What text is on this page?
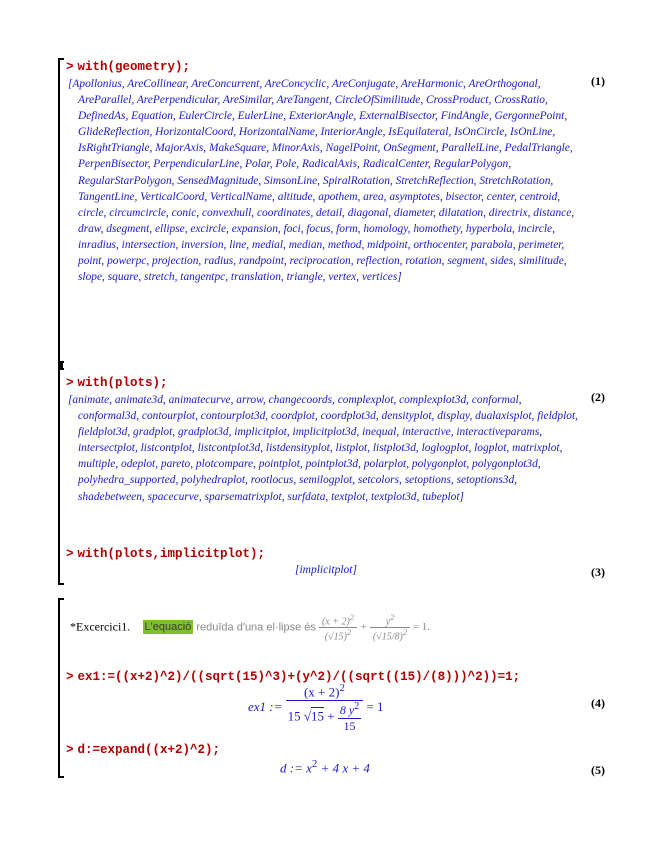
> with(geometry);
[Apollonius, AreCollinear, AreConcurrent, AreConcyclic, AreConjugate, AreHarmonic, AreOrthogonal, AreParallel, ArePerpendicular, AreSimilar, AreTangent, CircleOfSimilitude, CrossProduct, CrossRatio, DefinedAs, Equation, EulerCircle, EulerLine, ExteriorAngle, ExternalBisector, FindAngle, GergonnePoint, GlideReflection, HorizontalCoord, HorizontalName, InteriorAngle, IsEquilateral, IsOnCircle, IsOnLine, IsRightTriangle, MajorAxis, MakeSquare, MinorAxis, NagelPoint, OnSegment, ParallelLine, PedalTriangle, PerpenBisector, PerpendicularLine, Polar, Pole, RadicalAxis, RadicalCenter, RegularPolygon, RegularStarPolygon, SensedMagnitude, SimsonLine, SpiralRotation, StretchReflection, StretchRotation, TangentLine, VerticalCoord, VerticalName, altitude, apothem, area, asymptotes, bisector, center, centroid, circle, circumcircle, conic, convexhull, coordinates, detail, diagonal, diameter, dilatation, directrix, distance, draw, dsegment, ellipse, excircle, expansion, foci, focus, form, homology, homothety, hyperbola, incircle, inradius, intersection, inversion, line, medial, median, method, midpoint, orthocenter, parabola, perimeter, point, powerpc, projection, radius, randpoint, reciprocation, reflection, rotation, segment, sides, similitude, slope, square, stretch, tangentpc, translation, triangle, vertex, vertices]
(1)
> with(plots);
[animate, animate3d, animatecurve, arrow, changecoords, complexplot, complexplot3d, conformal, conformal3d, contourplot, contourplot3d, coordplot, coordplot3d, densityplot, display, dualaxisplot, fieldplot, fieldplot3d, gradplot, gradplot3d, implicitplot, implicitplot3d, inequal, interactive, interactiveparams, intersectplot, listcontplot, listcontplot3d, listdensityplot, listplot, listplot3d, loglogplot, logplot, matrixplot, multiple, odeplot, pareto, plotcompare, pointplot, pointplot3d, polarplot, polygonplot, polygonplot3d, polyhedra_supported, polyhedraplot, rootlocus, semilogplot, setcolors, setoptions, setoptions3d, shadebetween, spacecurve, sparsematrixplot, surfdata, textplot, textplot3d, tubeplot]
(2)
> with(plots,implicitplot);
[implicitplot]	(3)
*Excercici1. L'equació reduïda d'una el·lipse és $\frac{(x + 2)^2}{(√15)^2} + \frac{y^2}{(√15/8)^2} = 1$.
> ex1:=((x+2)^2)/((sqrt(15)^3)+(y^2)/((sqrt((15)/(8)))^2))=1;
ex1 :=
$(x + 2)^2$
15 $√15 + \frac{8 y^2}{15} = 1$	(4)
> d:=expand((x+2)^2);
d := $x^2 + 4$ x + 4	(5)
